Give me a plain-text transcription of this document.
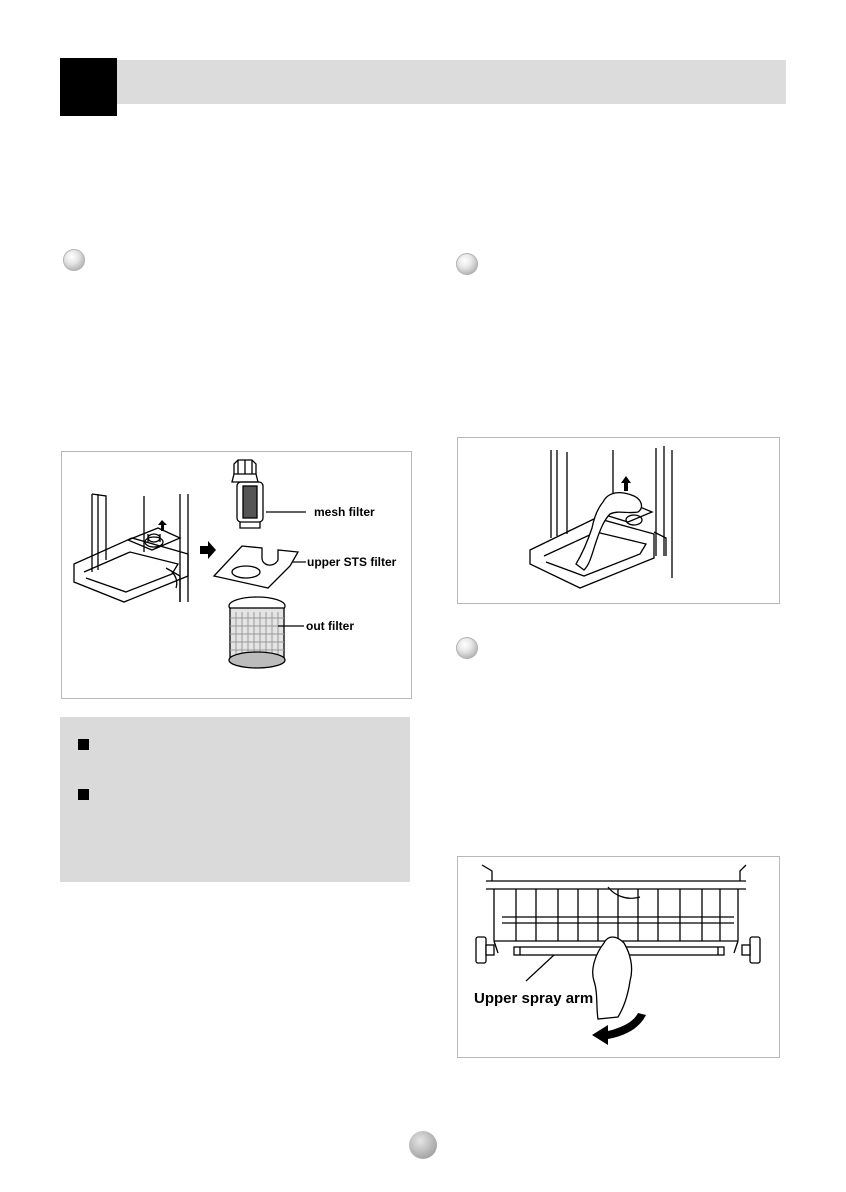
mesh filter
upper STS filter
out filter
Upper spray arm
